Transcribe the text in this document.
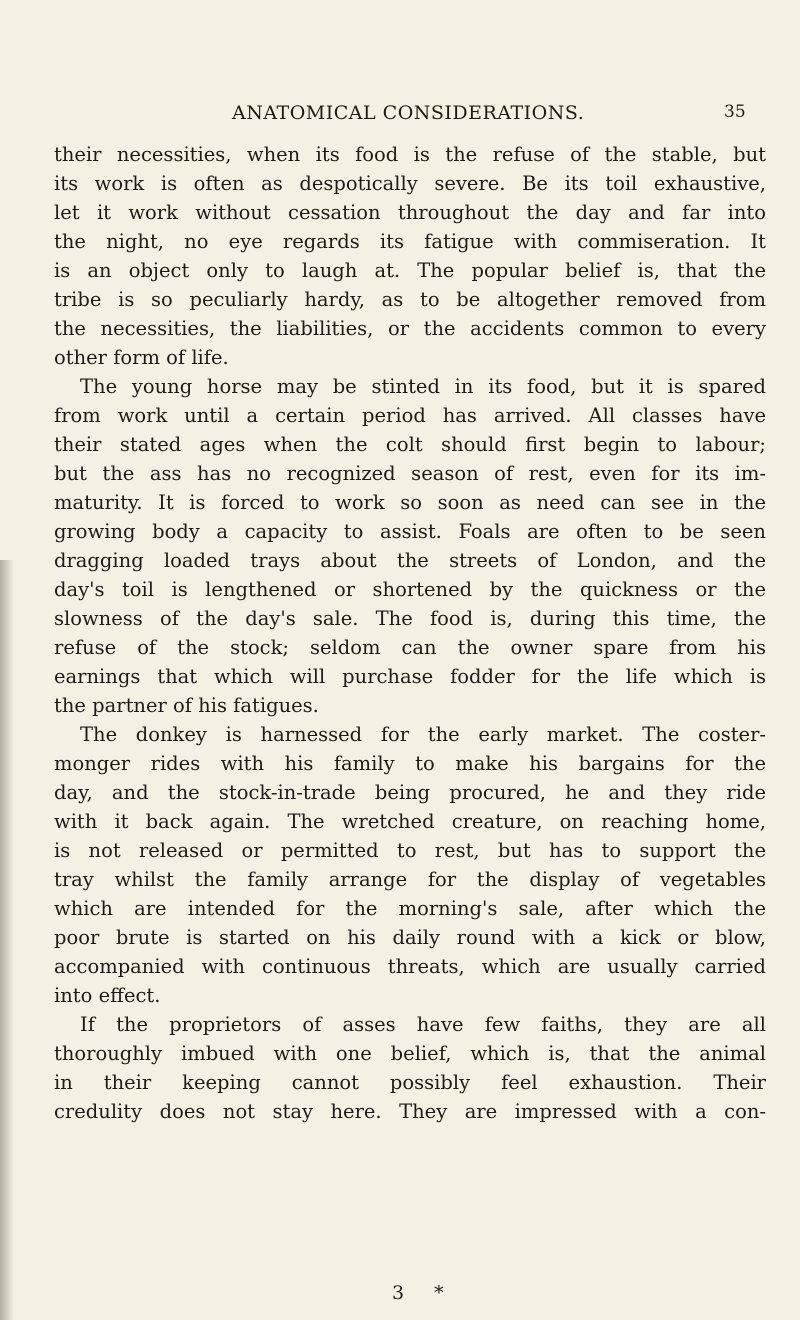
ANATOMICAL CONSIDERATIONS.	35
their necessities, when its food is the refuse of the stable, but
its work is often as despotically severe. Be its toil exhaustive,
let it work without cessation throughout the day and far into
the night, no eye regards its fatigue with commiseration. It
is an object only to laugh at. The popular belief is, that the
tribe is so peculiarly hardy, as to be altogether removed from
the necessities, the liabilities, or the accidents common to every
other form of life.
The young horse may be stinted in its food, but it is spared
from work until a certain period has arrived. All classes have
their stated ages when the colt should first begin to labour;
but the ass has no recognized season of rest, even for its im-
maturity. It is forced to work so soon as need can see in the
growing body a capacity to assist. Foals are often to be seen
dragging loaded trays about the streets of London, and the
day's toil is lengthened or shortened by the quickness or the
slowness of the day's sale. The food is, during this time, the
refuse of the stock; seldom can the owner spare from his
earnings that which will purchase fodder for the life which is
the partner of his fatigues.
The donkey is harnessed for the early market. The coster-
monger rides with his family to make his bargains for the
day, and the stock-in-trade being procured, he and they ride
with it back again. The wretched creature, on reaching home,
is not released or permitted to rest, but has to support the
tray whilst the family arrange for the display of vegetables
which are intended for the morning's sale, after which the
poor brute is started on his daily round with a kick or blow,
accompanied with continuous threats, which are usually carried
into effect.
If the proprietors of asses have few faiths, they are all
thoroughly imbued with one belief, which is, that the animal
in their keeping cannot possibly feel exhaustion. Their
credulity does not stay here. They are impressed with a con-
3 *
